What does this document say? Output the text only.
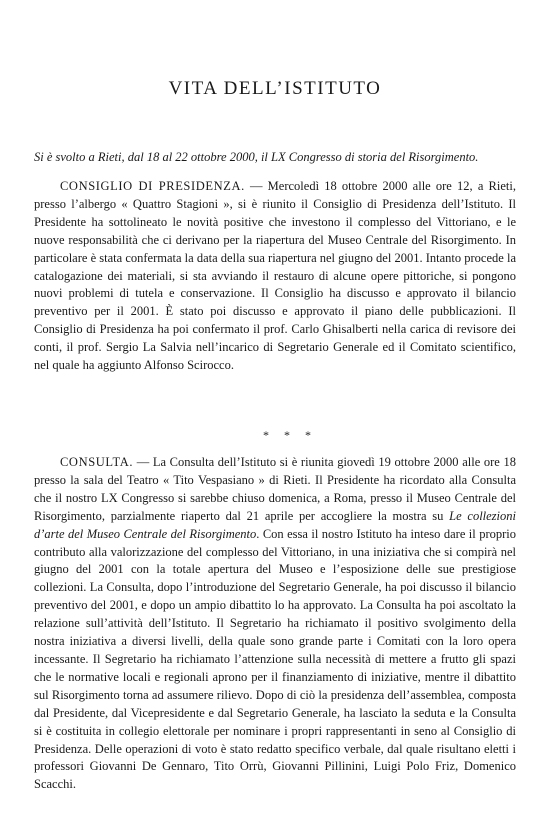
VITA DELL’ISTITUTO

Si è svolto a Rieti, dal 18 al 22 ottobre 2000, il LX Congresso di storia del Risorgimento.

CONSIGLIO DI PRESIDENZA. — Mercoledì 18 ottobre 2000 alle ore 12, a Rieti, presso l’albergo « Quattro Stagioni », si è riunito il Consiglio di Presidenza dell’Istituto. Il Presidente ha sottolineato le novità positive che investono il complesso del Vittoriano, e le nuove responsabilità che ci derivano per la riapertura del Museo Centrale del Risorgimento. In particolare è stata confermata la data della sua riapertura nel giugno del 2001. Intanto procede la catalogazione dei materiali, si sta avviando il restauro di alcune opere pittoriche, si pongono nuovi problemi di tutela e conservazione. Il Consiglio ha discusso e approvato il bilancio preventivo per il 2001. È stato poi discusso e approvato il piano delle pubblicazioni. Il Consiglio di Presidenza ha poi confermato il prof. Carlo Ghisalberti nella carica di revisore dei conti, il prof. Sergio La Salvia nell’incarico di Segretario Generale ed il Comitato scientifico, nel quale ha aggiunto Alfonso Scirocco.

* * *

CONSULTA. — La Consulta dell’Istituto si è riunita giovedì 19 ottobre 2000 alle ore 18 presso la sala del Teatro « Tito Vespasiano » di Rieti. Il Presidente ha ricordato alla Consulta che il nostro LX Congresso si sarebbe chiuso domenica, a Roma, presso il Museo Centrale del Risorgimento, parzialmente riaperto dal 21 aprile per accogliere la mostra su Le collezioni d’arte del Museo Centrale del Risorgimento. Con essa il nostro Istituto ha inteso dare il proprio contributo alla valorizzazione del complesso del Vittoriano, in una iniziativa che si compirà nel giugno del 2001 con la totale apertura del Museo e l’esposizione delle sue prestigiose collezioni. La Consulta, dopo l’introduzione del Segretario Generale, ha poi discusso il bilancio preventivo del 2001, e dopo un ampio dibattito lo ha approvato. La Consulta ha poi ascoltato la relazione sull’attività dell’Istituto. Il Segretario ha richiamato il positivo svolgimento della nostra iniziativa a diversi livelli, della quale sono grande parte i Comitati con la loro opera incessante. Il Segretario ha richiamato l’attenzione sulla necessità di mettere a frutto gli spazi che le normative locali e regionali aprono per il finanziamento di iniziative, mentre il dibattito sul Risorgimento torna ad assumere rilievo. Dopo di ciò la presidenza dell’assemblea, composta dal Presidente, dal Vicepresidente e dal Segretario Generale, ha lasciato la seduta e la Consulta si è costituita in collegio elettorale per nominare i propri rappresentanti in seno al Consiglio di Presidenza. Delle operazioni di voto è stato redatto specifico verbale, dal quale risultano eletti i professori Giovanni De Gennaro, Tito Orrù, Giovanni Pillinini, Luigi Polo Friz, Domenico Scacchi.
